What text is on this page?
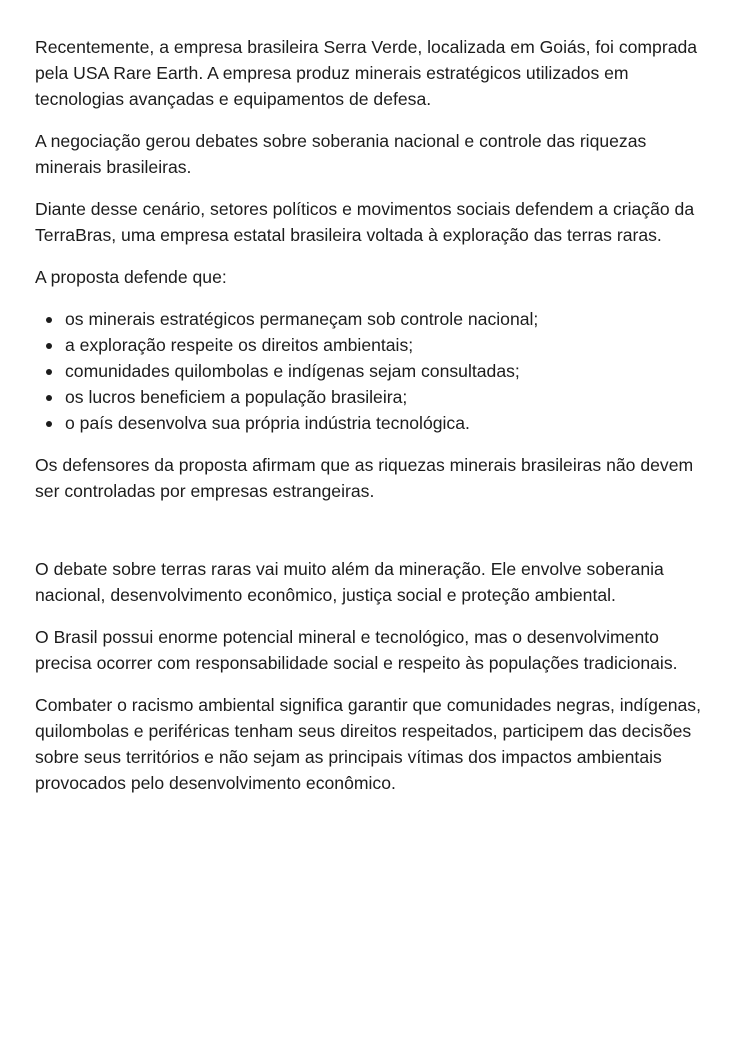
Recentemente, a empresa brasileira Serra Verde, localizada em Goiás, foi comprada pela USA Rare Earth. A empresa produz minerais estratégicos utilizados em tecnologias avançadas e equipamentos de defesa.

A negociação gerou debates sobre soberania nacional e controle das riquezas minerais brasileiras.

Diante desse cenário, setores políticos e movimentos sociais defendem a criação da TerraBras, uma empresa estatal brasileira voltada à exploração das terras raras.

A proposta defende que:

os minerais estratégicos permaneçam sob controle nacional;
a exploração respeite os direitos ambientais;
comunidades quilombolas e indígenas sejam consultadas;
os lucros beneficiem a população brasileira;
o país desenvolva sua própria indústria tecnológica.

Os defensores da proposta afirmam que as riquezas minerais brasileiras não devem ser controladas por empresas estrangeiras.

O debate sobre terras raras vai muito além da mineração. Ele envolve soberania nacional, desenvolvimento econômico, justiça social e proteção ambiental.

O Brasil possui enorme potencial mineral e tecnológico, mas o desenvolvimento precisa ocorrer com responsabilidade social e respeito às populações tradicionais.

Combater o racismo ambiental significa garantir que comunidades negras, indígenas, quilombolas e periféricas tenham seus direitos respeitados, participem das decisões sobre seus territórios e não sejam as principais vítimas dos impactos ambientais provocados pelo desenvolvimento econômico.
